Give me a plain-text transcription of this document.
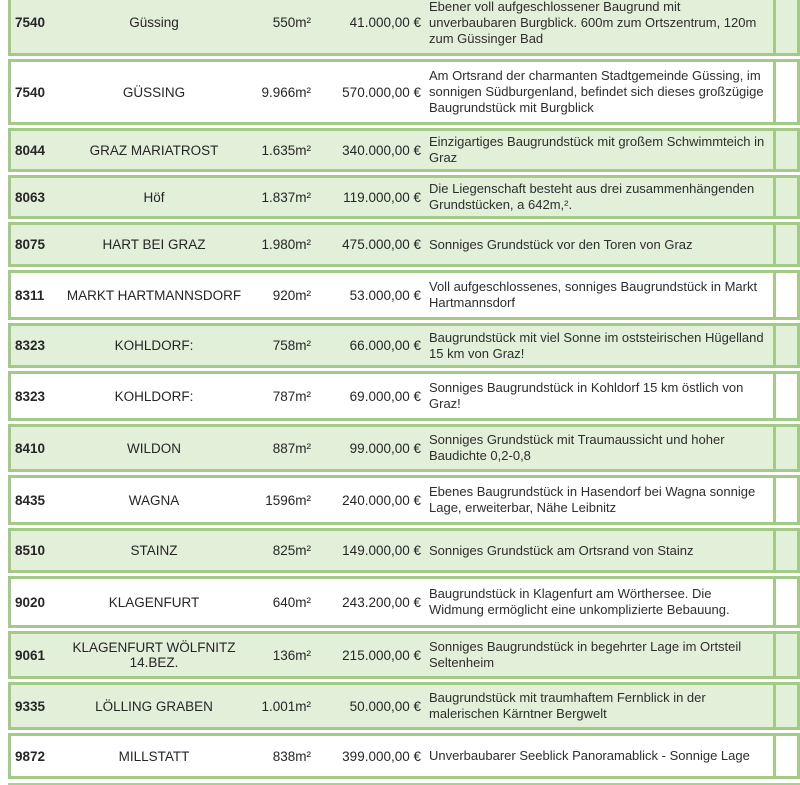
7540	Güssing	550m²	41.000,00 €
Ebener voll aufgeschlossener Baugrund mit unverbaubaren Burgblick. 600m zum Ortszentrum, 120m zum Güssinger Bad
7540	GÜSSING	9.966m²	570.000,00 €
Am Ortsrand der charmanten Stadtgemeinde Güssing, im sonnigen Südburgenland, befindet sich dieses großzügige Baugrundstück mit Burgblick
8044	GRAZ MARIATROST	1.635m²	340.000,00 €
Einzigartiges Baugrundstück mit großem Schwimmteich in Graz
8063	Höf	1.837m²	119.000,00 €
Die Liegenschaft besteht aus drei zusammenhängenden Grundstücken, a 642m,².
8075	HART BEI GRAZ	1.980m²	475.000,00 € Sonniges Grundstück vor den Toren von Graz
8311	MARKT HARTMANNSDORF	920m²	53.000,00 €
Voll aufgeschlossenes, sonniges Baugrundstück in Markt Hartmannsdorf
8323	KOHLDORF:	758m²	66.000,00 €
Baugrundstück mit viel Sonne im oststeirischen Hügelland 15 km von Graz!
8323	KOHLDORF:	787m²	69.000,00 €
Sonniges Baugrundstück in Kohldorf 15 km östlich von Graz!
8410	WILDON	887m²	99.000,00 €
Sonniges Grundstück mit Traumaussicht und hoher Baudichte 0,2-0,8
8435	WAGNA	1596m²	240.000,00 €
Ebenes Baugrundstück in Hasendorf bei Wagna sonnige Lage, erweiterbar, Nähe Leibnitz
8510	STAINZ	825m²	149.000,00 € Sonniges Grundstück am Ortsrand von Stainz
9020	KLAGENFURT	640m²	243.200,00 €
Baugrundstück in Klagenfurt am Wörthersee. Die Widmung ermöglicht eine unkomplizierte Bebauung.
9061	KLAGENFURT WÖLFNITZ 14.BEZ.	136m²	215.000,00 €
Sonniges Baugrundstück in begehrter Lage im Ortsteil Seltenheim
9335	LÖLLING GRABEN	1.001m²	50.000,00 €
Baugrundstück mit traumhaftem Fernblick in der malerischen Kärntner Bergwelt
9872	MILLSTATT	838m²	399.000,00 € Unverbaubarer Seeblick Panoramablick - Sonnige Lage
